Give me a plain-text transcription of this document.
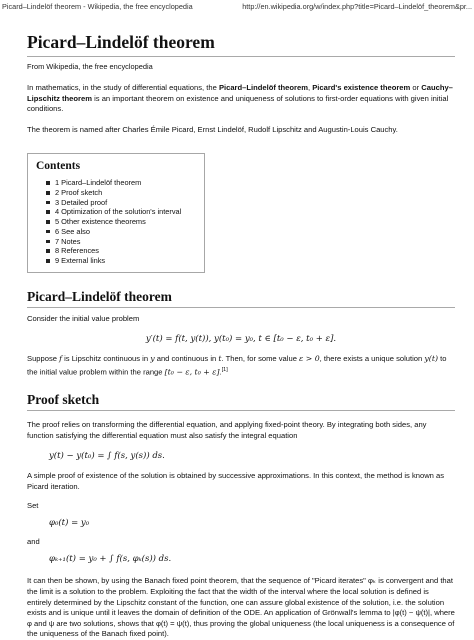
Picard–Lindelöf theorem - Wikipedia, the free encyclopedia	http://en.wikipedia.org/w/index.php?title=Picard–Lindelöf_theorem&pr...
Picard–Lindelöf theorem
From Wikipedia, the free encyclopedia

In mathematics, in the study of differential equations, the Picard–Lindelöf theorem, Picard's existence theorem or Cauchy–Lipschitz theorem is an important theorem on existence and uniqueness of solutions to first-order equations with given initial conditions.

The theorem is named after Charles Émile Picard, Ernst Lindelöf, Rudolf Lipschitz and Augustin-Louis Cauchy.

Contents
1 Picard–Lindelöf theorem
2 Proof sketch
3 Detailed proof
4 Optimization of the solution's interval
5 Other existence theorems
6 See also
7 Notes
8 References
9 External links
Picard–Lindelöf theorem

Consider the initial value problem

y′(t) = f(t, y(t)), y(t₀) = y₀, t ∈ [t₀ − ε, t₀ + ε].

Suppose f is Lipschitz continuous in y and continuous in t. Then, for some value ε > 0, there exists a unique solution y(t) to the initial value problem within the range [t₀ − ε, t₀ + ε].[1]

Proof sketch

The proof relies on transforming the differential equation, and applying fixed-point theory. By integrating both sides, any function satisfying the differential equation must also satisfy the integral equation

y(t) − y(t₀) = ∫ f(s, y(s)) ds.

A simple proof of existence of the solution is obtained by successive approximations. In this context, the method is known as Picard iteration.

Set
φ₀(t) = y₀
and
φₖ₊₁(t) = y₀ + ∫ f(s, φₖ(s)) ds.

It can then be shown, by using the Banach fixed point theorem, that the sequence of "Picard iterates" φₖ is convergent and that the limit is a solution to the problem. Exploiting the fact that the width of the interval where the local solution is defined is entirely determined by the Lipschitz constant of the function, one can assure global existence of the solution, i.e. the solution exists and is unique until it leaves the domain of definition of the ODE. An application of Grönwall's lemma to |φ(t) − ψ(t)|, where φ and ψ are two solutions, shows that φ(t) = ψ(t), thus proving the global uniqueness (the local uniqueness is a consequence of the uniqueness of the Banach fixed point).
